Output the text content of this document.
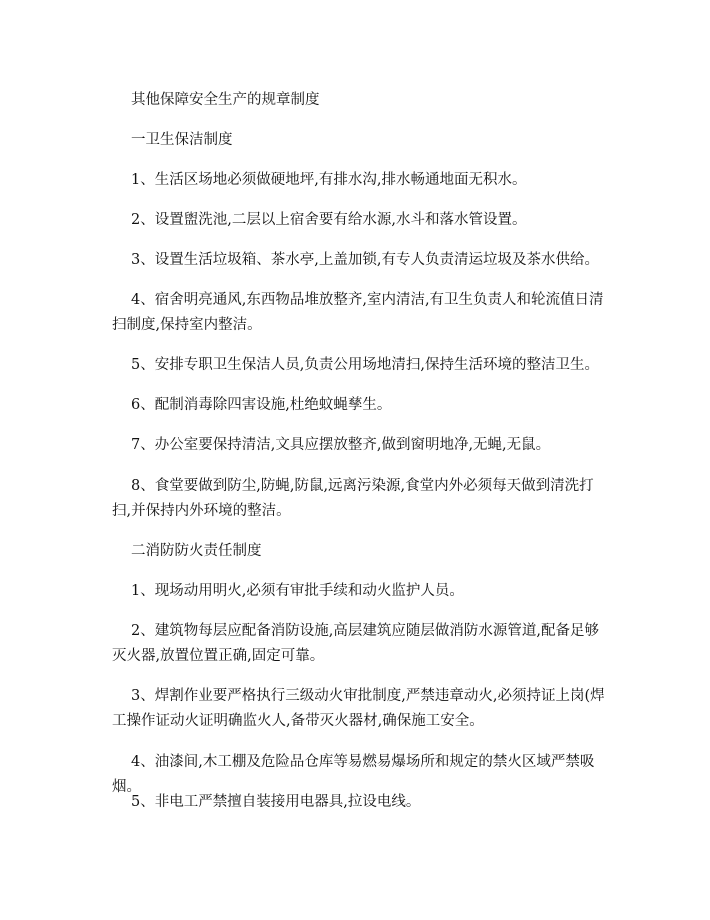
其他保障安全生产的规章制度
一卫生保洁制度
1、生活区场地必须做硬地坪,有排水沟,排水畅通地面无积水。
2、设置盥洗池,二层以上宿舍要有给水源,水斗和落水管设置。
3、设置生活垃圾箱、茶水亭,上盖加锁,有专人负责清运垃圾及茶水供给。
4、宿舍明亮通风,东西物品堆放整齐,室内清洁,有卫生负责人和轮流值日清扫制度,保持室内整洁。
5、安排专职卫生保洁人员,负责公用场地清扫,保持生活环境的整洁卫生。
6、配制消毒除四害设施,杜绝蚊蝇孳生。
7、办公室要保持清洁,文具应摆放整齐,做到窗明地净,无蝇,无鼠。
8、食堂要做到防尘,防蝇,防鼠,远离污染源,食堂内外必须每天做到清洗打扫,并保持内外环境的整洁。
二消防防火责任制度
1、现场动用明火,必须有审批手续和动火监护人员。
2、建筑物每层应配备消防设施,高层建筑应随层做消防水源管道,配备足够灭火器,放置位置正确,固定可靠。
3、焊割作业要严格执行三级动火审批制度,严禁违章动火,必须持证上岗(焊工操作证动火证明确监火人,备带灭火器材,确保施工安全。
4、油漆间,木工棚及危险品仓库等易燃易爆场所和规定的禁火区域严禁吸烟。
5、非电工严禁擅自装接用电器具,拉设电线。
